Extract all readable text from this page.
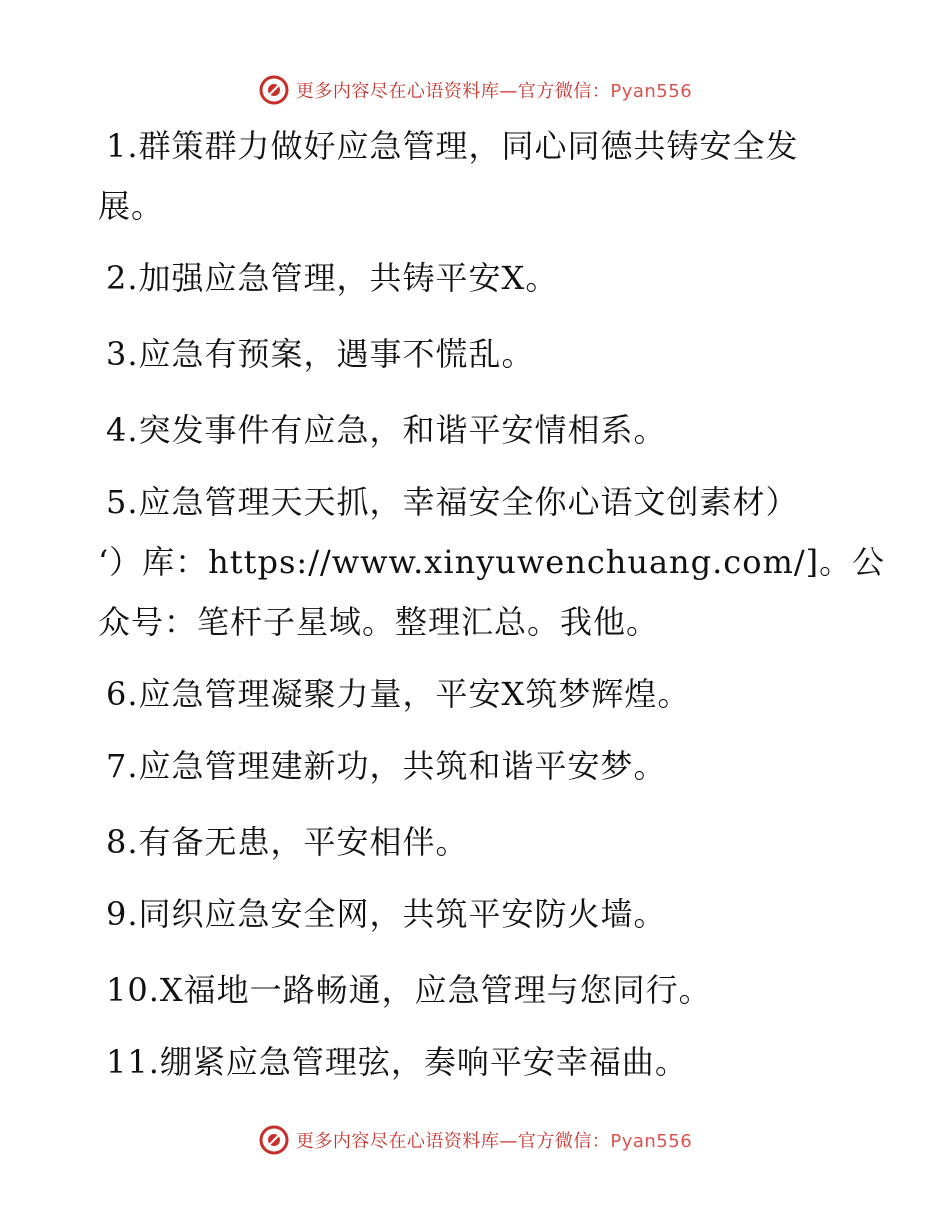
更多内容尽在心语资料库—官方微信：Pyan556
1.群策群力做好应急管理，同心同德共铸安全发
展。
2.加强应急管理，共铸平安X。
3.应急有预案，遇事不慌乱。
4.突发事件有应急，和谐平安情相系。
5.应急管理天天抓，幸福安全你心语文创素材）
‘）库：https://www.xinyuwenchuang.com/]。公
众号：笔杆子星域。整理汇总。我他。
6.应急管理凝聚力量，平安X筑梦辉煌。
7.应急管理建新功，共筑和谐平安梦。
8.有备无患，平安相伴。
9.同织应急安全网，共筑平安防火墙。
10.X福地一路畅通，应急管理与您同行。
11.绷紧应急管理弦，奏响平安幸福曲。
更多内容尽在心语资料库—官方微信：Pyan556
